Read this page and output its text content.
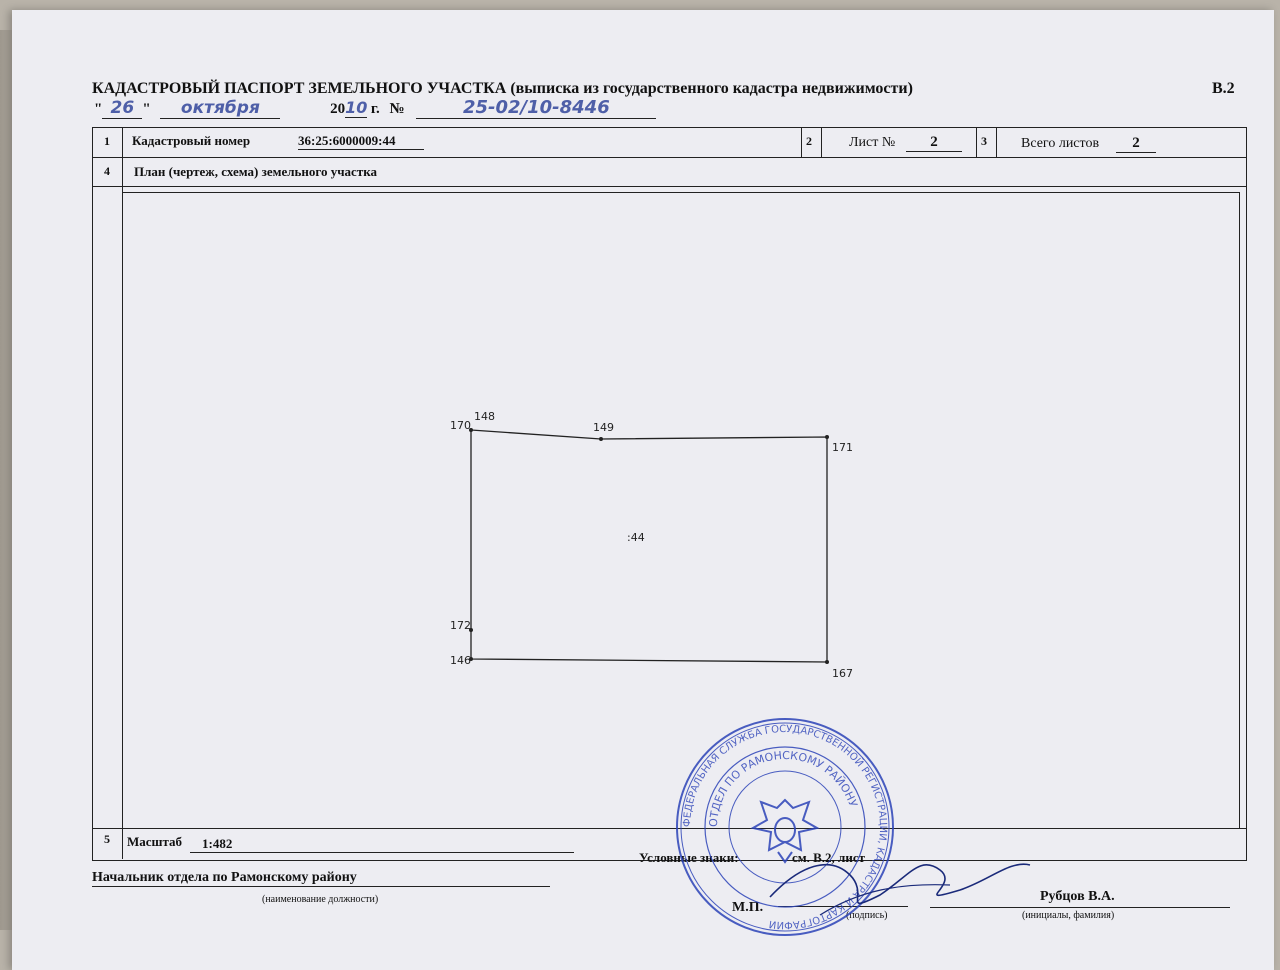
КАДАСТРОВЫЙ ПАСПОРТ ЗЕМЕЛЬНОГО УЧАСТКА (выписка из государственного кадастра недвижимости)	В.2
" 26 " октября	2010 г. №	25-02/10-8446
1 Кадастровый номер	36:25:6000009:44	2	Лист №	2	3 Всего листов	2
4 План (чертеж, схема) земельного участка
148
149
170
171
172
146
167
:44
5 Масштаб	1:482
Условные знаки:	см. В.2, лист
Начальник отдела по Рамонскому району
(наименование должности)
М.П.
(подпись)
Рубцов В.А.
(инициалы, фамилия)
ФЕДЕРАЛЬНАЯ СЛУЖБА ГОСУДАРСТВЕННОЙ РЕГИСТРАЦИИ, КАДАСТРА И КАРТОГРАФИИ
ОТДЕЛ ПО РАМОНСКОМУ РАЙОНУ
